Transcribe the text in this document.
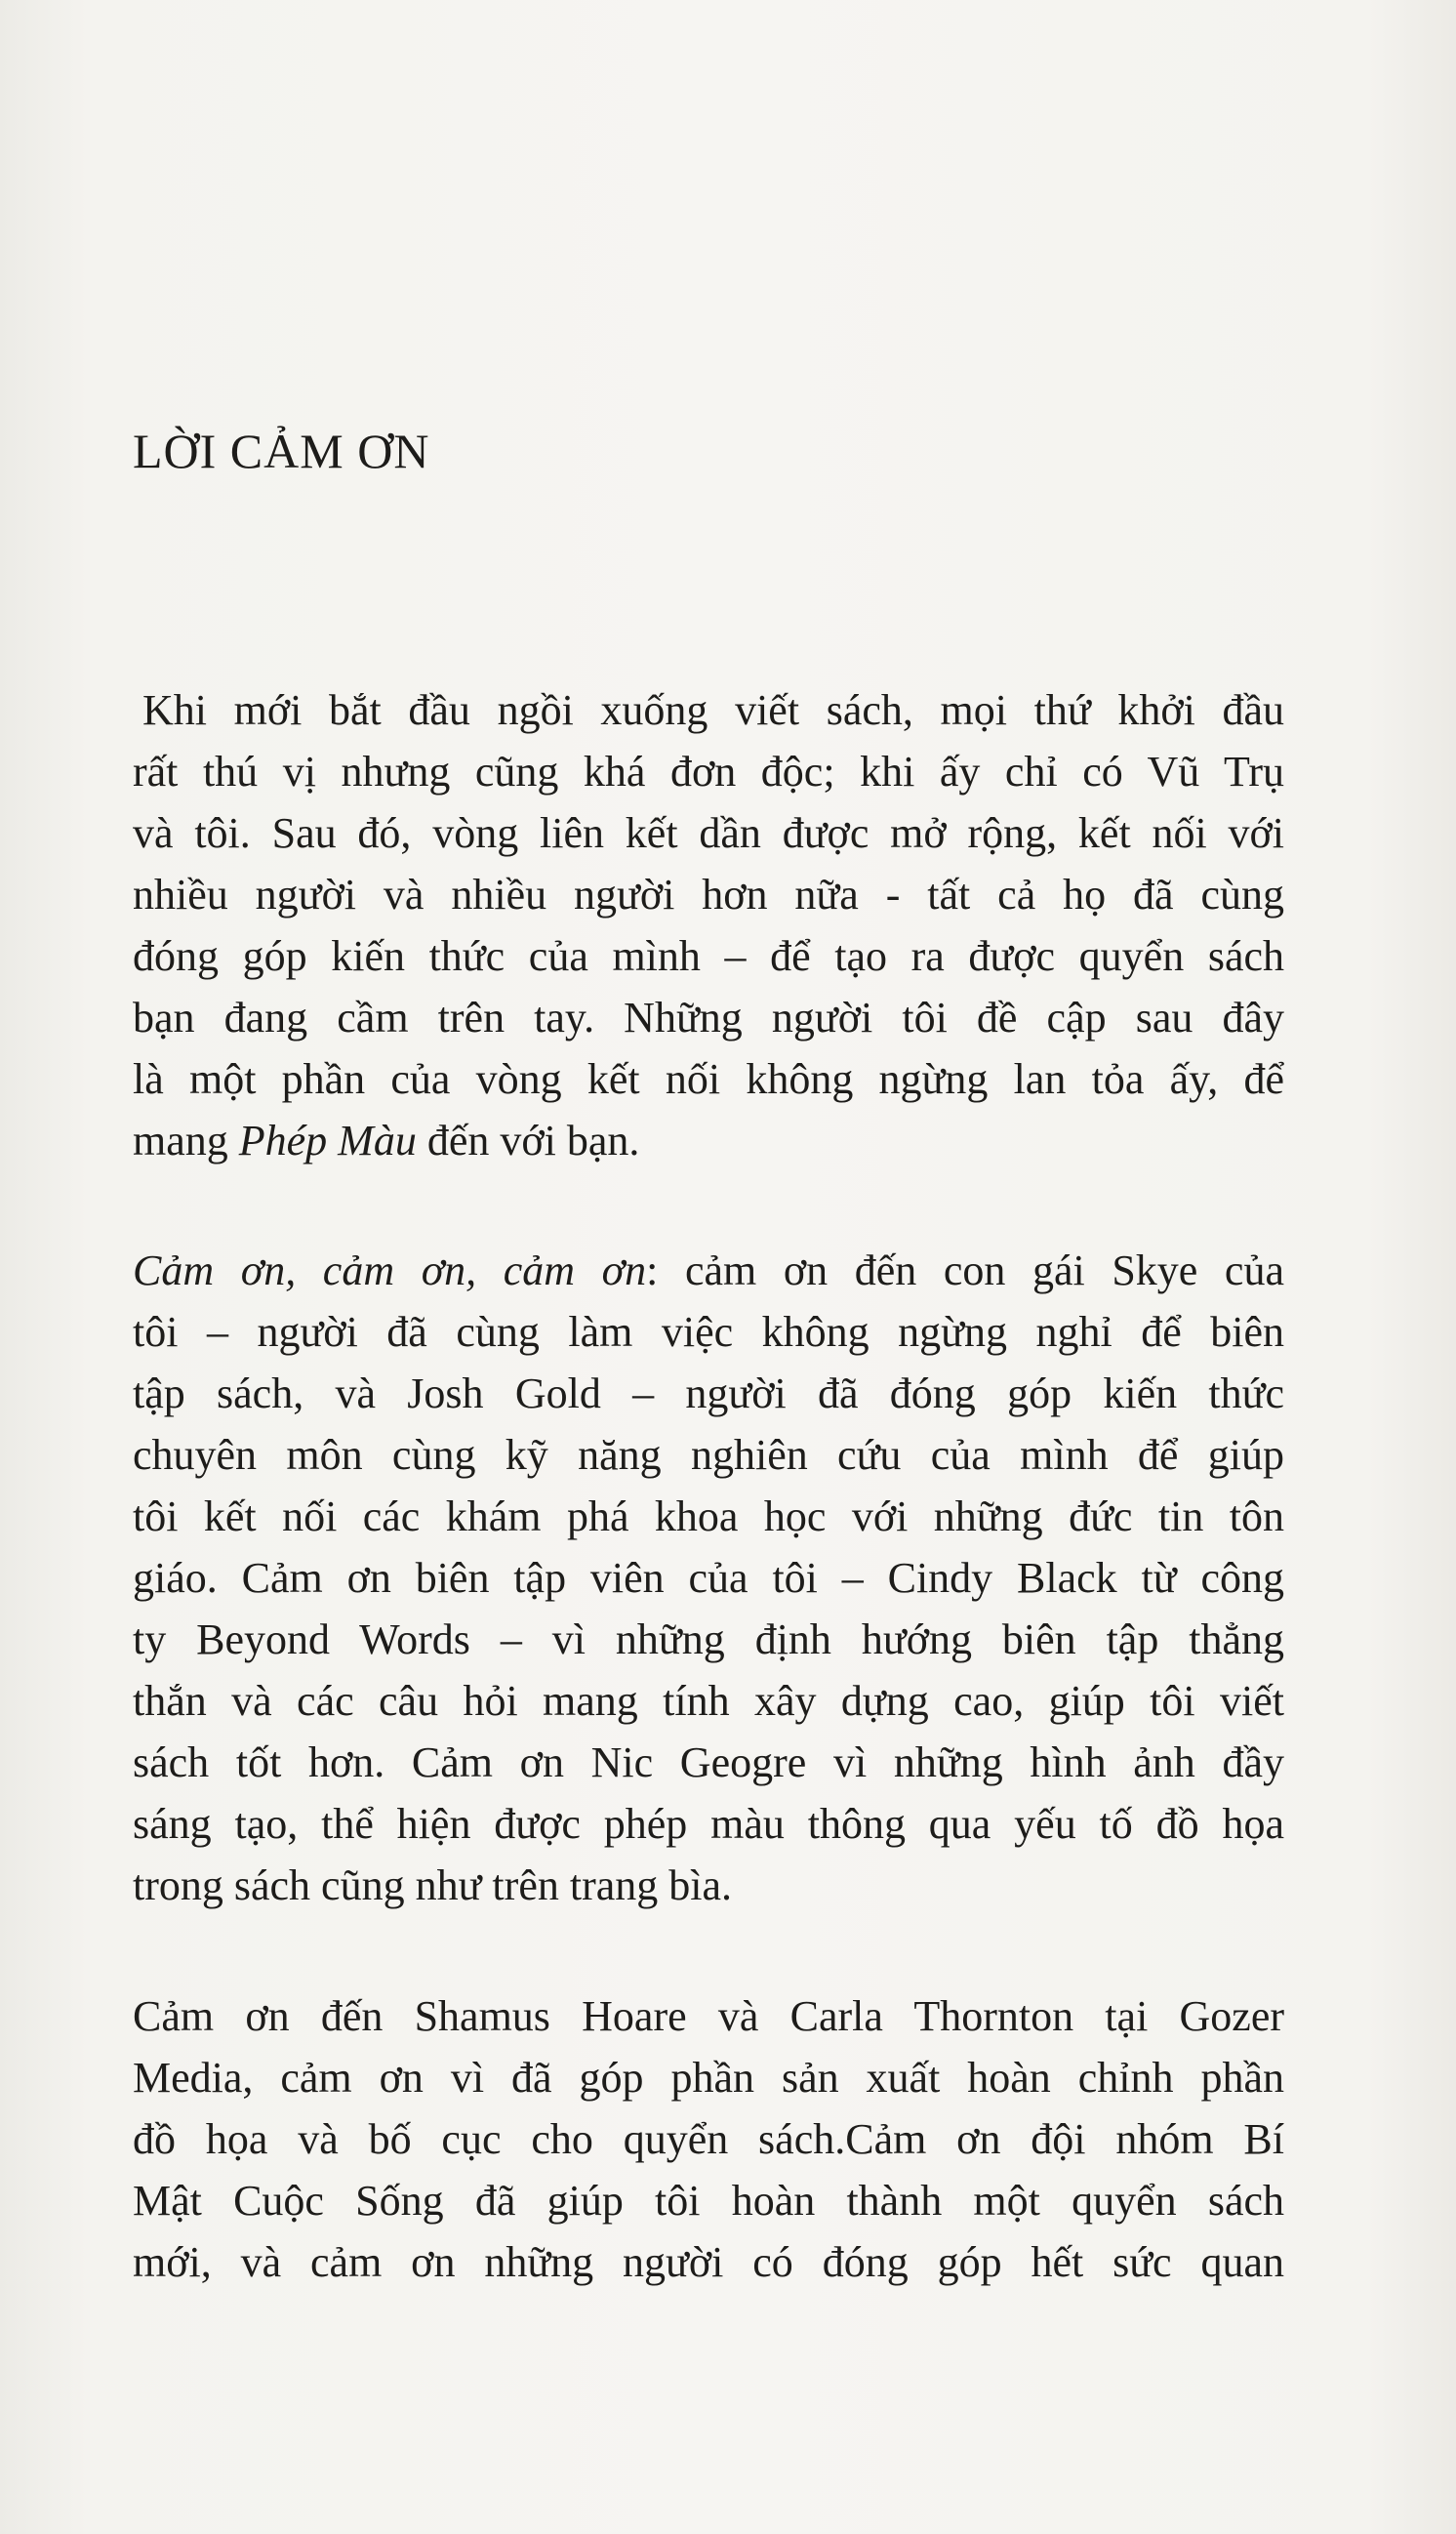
LỜI CẢM ƠN
Khi mới bắt đầu ngồi xuống viết sách, mọi thứ khởi đầu
rất thú vị nhưng cũng khá đơn độc; khi ấy chỉ có Vũ Trụ
và tôi. Sau đó, vòng liên kết dần được mở rộng, kết nối với
nhiều người và nhiều người hơn nữa - tất cả họ đã cùng
đóng góp kiến thức của mình – để tạo ra được quyển sách
bạn đang cầm trên tay. Những người tôi đề cập sau đây
là một phần của vòng kết nối không ngừng lan tỏa ấy, để
mang Phép Màu đến với bạn.
Cảm ơn, cảm ơn, cảm ơn: cảm ơn đến con gái Skye của
tôi – người đã cùng làm việc không ngừng nghỉ để biên
tập sách, và Josh Gold – người đã đóng góp kiến thức
chuyên môn cùng kỹ năng nghiên cứu của mình để giúp
tôi kết nối các khám phá khoa học với những đức tin tôn
giáo. Cảm ơn biên tập viên của tôi – Cindy Black từ công
ty Beyond Words – vì những định hướng biên tập thẳng
thắn và các câu hỏi mang tính xây dựng cao, giúp tôi viết
sách tốt hơn. Cảm ơn Nic Geogre vì những hình ảnh đầy
sáng tạo, thể hiện được phép màu thông qua yếu tố đồ họa
trong sách cũng như trên trang bìa.
Cảm ơn đến Shamus Hoare và Carla Thornton tại Gozer
Media, cảm ơn vì đã góp phần sản xuất hoàn chỉnh phần
đồ họa và bố cục cho quyển sách.Cảm ơn đội nhóm Bí
Mật Cuộc Sống đã giúp tôi hoàn thành một quyển sách
mới, và cảm ơn những người có đóng góp hết sức quan
